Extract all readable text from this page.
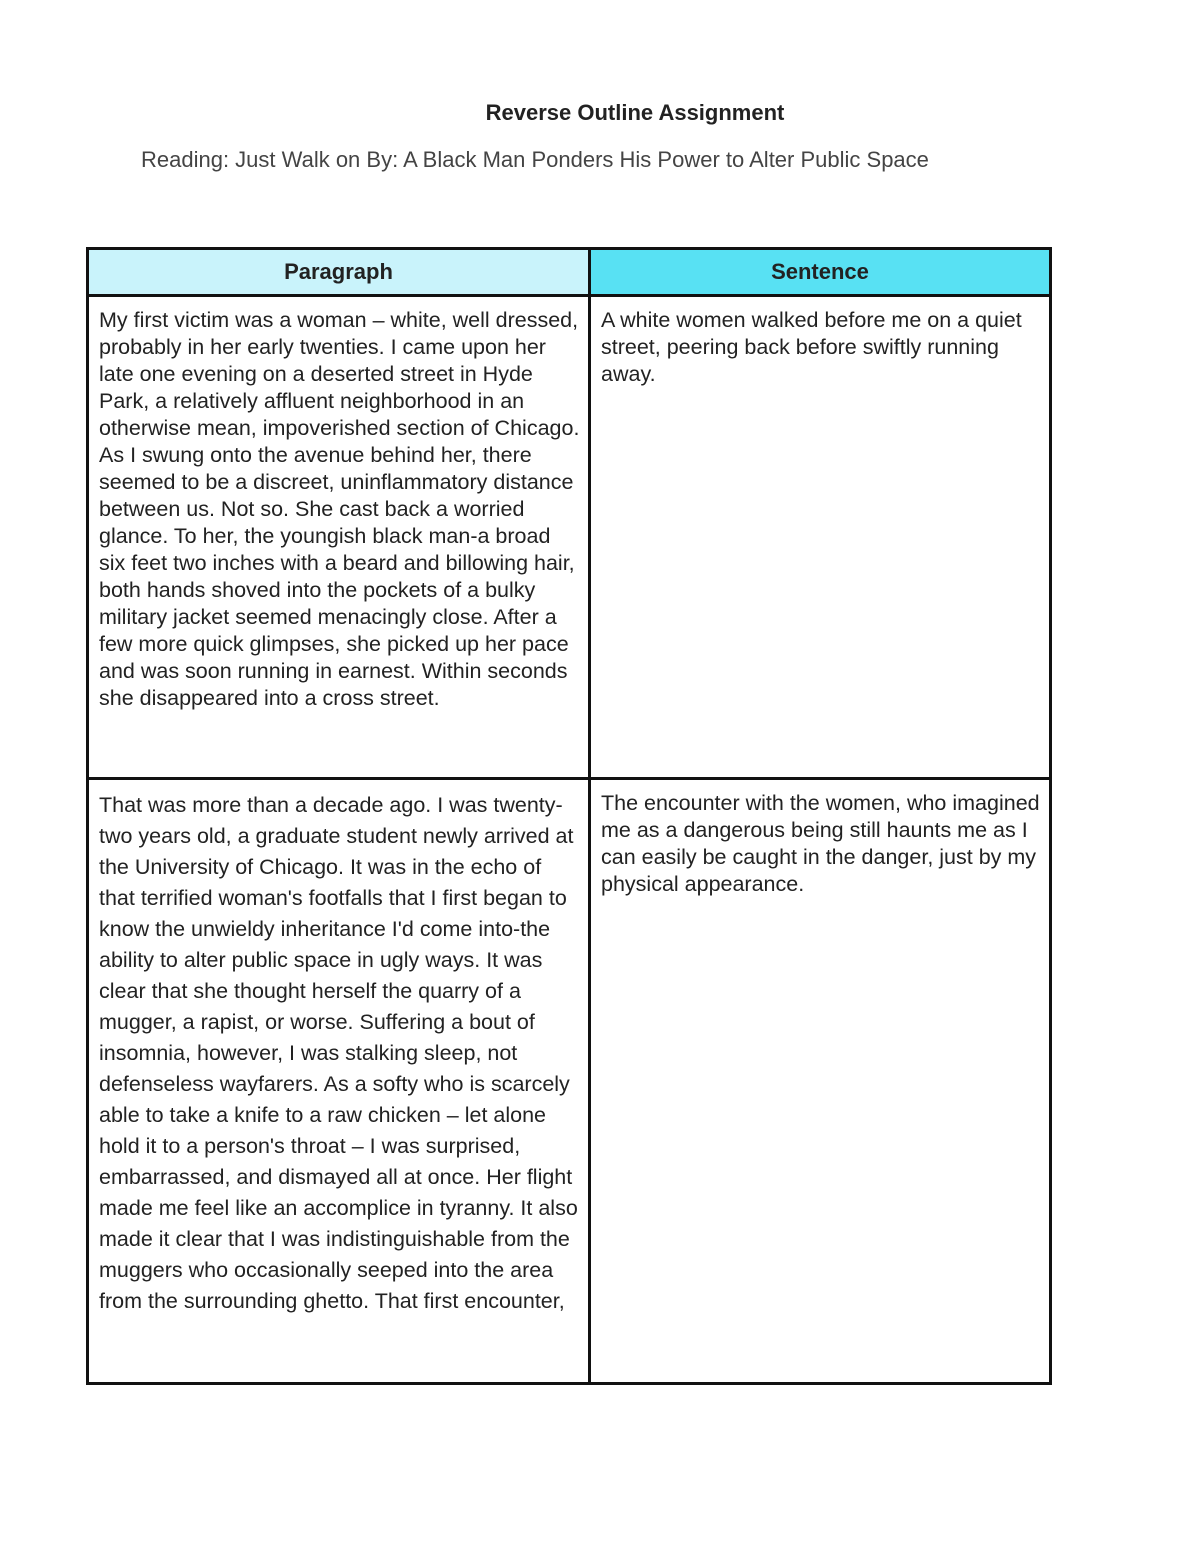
Reverse Outline Assignment
Reading: Just Walk on By: A Black Man Ponders His Power to Alter Public Space
Paragraph	Sentence

My first victim was a woman – white, well dressed, probably in her early twenties. I came upon her late one evening on a deserted street in Hyde Park, a relatively affluent neighborhood in an otherwise mean, impoverished section of Chicago. As I swung onto the avenue behind her, there seemed to be a discreet, uninflammatory distance between us. Not so. She cast back a worried glance. To her, the youngish black man-a broad six feet two inches with a beard and billowing hair, both hands shoved into the pockets of a bulky military jacket seemed menacingly close. After a few more quick glimpses, she picked up her pace and was soon running in earnest. Within seconds she disappeared into a cross street.	A white women walked before me on a quiet street, peering back before swiftly running away.

That was more than a decade ago. I was twenty-two years old, a graduate student newly arrived at the University of Chicago. It was in the echo of that terrified woman's footfalls that I first began to know the unwieldy inheritance I'd come into-the ability to alter public space in ugly ways. It was clear that she thought herself the quarry of a mugger, a rapist, or worse. Suffering a bout of insomnia, however, I was stalking sleep, not defenseless wayfarers. As a softy who is scarcely able to take a knife to a raw chicken – let alone hold it to a person's throat – I was surprised, embarrassed, and dismayed all at once. Her flight made me feel like an accomplice in tyranny. It also made it clear that I was indistinguishable from the muggers who occasionally seeped into the area from the surrounding ghetto. That first encounter,	The encounter with the women, who imagined me as a dangerous being still haunts me as I can easily be caught in the danger, just by my physical appearance.
